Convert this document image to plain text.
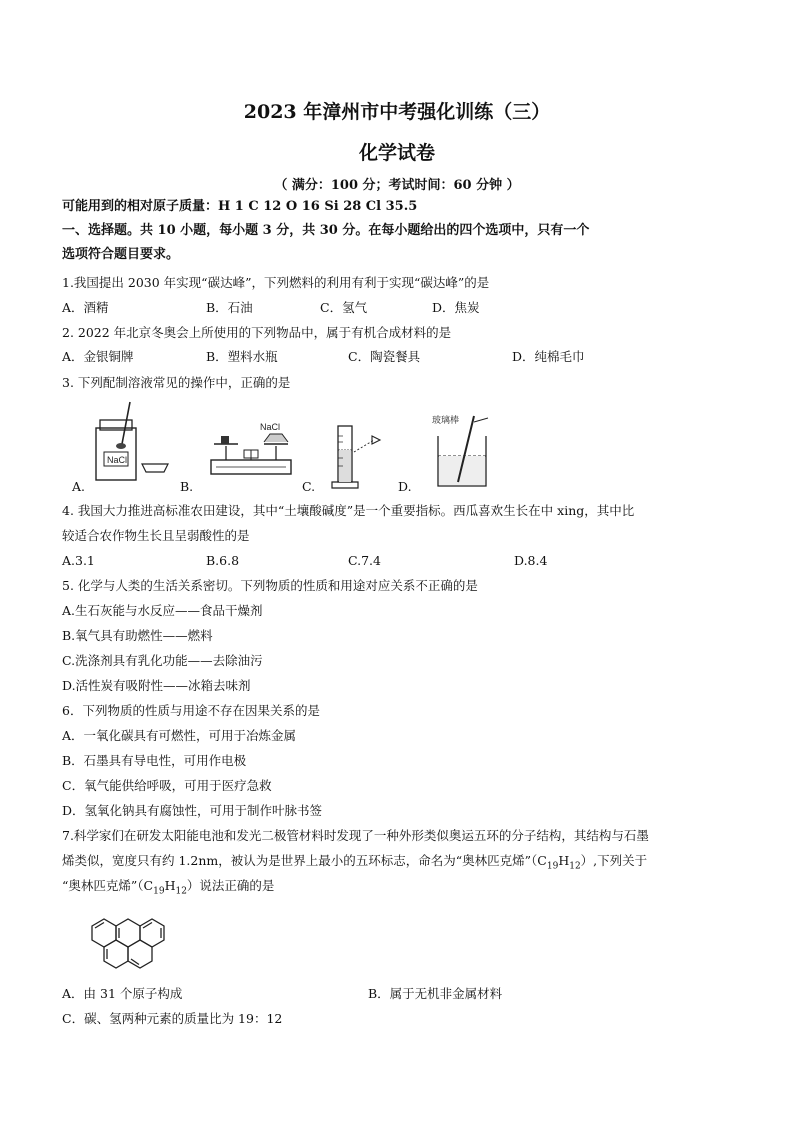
2023 年漳州市中考强化训练（三）
化学试卷
（ 满分：100 分；考试时间：60 分钟 ）
可能用到的相对原子质量：H 1 C 12 O 16 Si 28 Cl 35.5
一、选择题。共 10 小题，每小题 3 分，共 30 分。在每小题给出的四个选项中，只有一个
选项符合题目要求。
1.我国提出 2030 年实现“碳达峰”，下列燃料的利用有利于实现“碳达峰”的是
A．酒精	B．石油	C．氢气	D．焦炭
2. 2022 年北京冬奥会上所使用的下列物品中，属于有机合成材料的是
A．金银铜牌	B．塑料水瓶	C．陶瓷餐具	D．纯棉毛巾
3. 下列配制溶液常见的操作中，正确的是
NaCl
A.
NaCl
B.	C.
玻璃棒
D.
4. 我国大力推进高标准农田建设，其中“土壤酸碱度”是一个重要指标。西瓜喜欢生长在中 xing，其中比
较适合农作物生长且呈弱酸性的是
A.3.1	B.6.8	C.7.4	D.8.4
5. 化学与人类的生活关系密切。下列物质的性质和用途对应关系不正确的是
A.生石灰能与水反应——食品干燥剂
B.氧气具有助燃性——燃料
C.洗涤剂具有乳化功能——去除油污
D.活性炭有吸附性——冰箱去味剂
6．下列物质的性质与用途不存在因果关系的是
A．一氧化碳具有可燃性，可用于冶炼金属
B．石墨具有导电性，可用作电极
C．氧气能供给呼吸，可用于医疗急救
D．氢氧化钠具有腐蚀性，可用于制作叶脉书签
7.科学家们在研发太阳能电池和发光二极管材料时发现了一种外形类似奥运五环的分子结构，其结构与石墨
烯类似，宽度只有约 1.2nm，被认为是世界上最小的五环标志，命名为“奥林匹克烯$”(C_{19}H_{12})$,下列关于
“奥林匹克烯$”(C_{19}H_{12})$说法正确的是
A．由 31 个原子构成	B．属于无机非金属材料
C．碳、氢两种元素的质量比为 19：12
